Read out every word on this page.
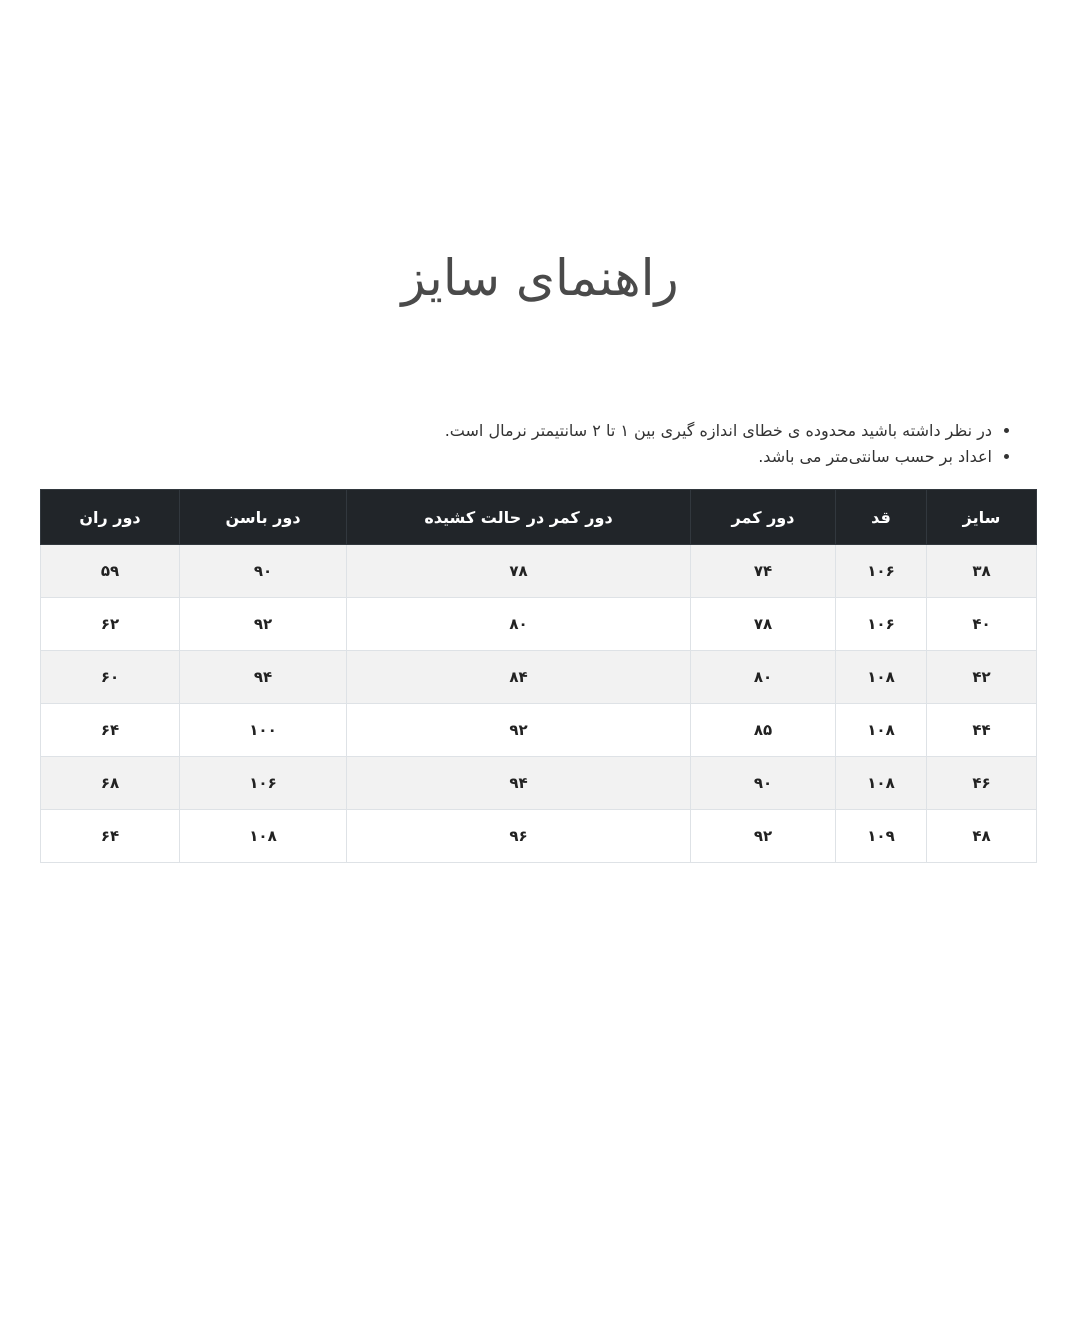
راهنمای سایز
• در نظر داشته باشید محدوده ی خطای اندازه گیری بین ۱ تا ۲ سانتیمتر نرمال است.
• اعداد بر حسب سانتی‌متر می باشد.
سایز	قد	دور کمر	دور کمر در حالت کشیده	دور باسن	دور ران
۳۸	۱۰۶	۷۴	۷۸	۹۰	۵۹
۴۰	۱۰۶	۷۸	۸۰	۹۲	۶۲
۴۲	۱۰۸	۸۰	۸۴	۹۴	۶۰
۴۴	۱۰۸	۸۵	۹۲	۱۰۰	۶۴
۴۶	۱۰۸	۹۰	۹۴	۱۰۶	۶۸
۴۸	۱۰۹	۹۲	۹۶	۱۰۸	۶۴
